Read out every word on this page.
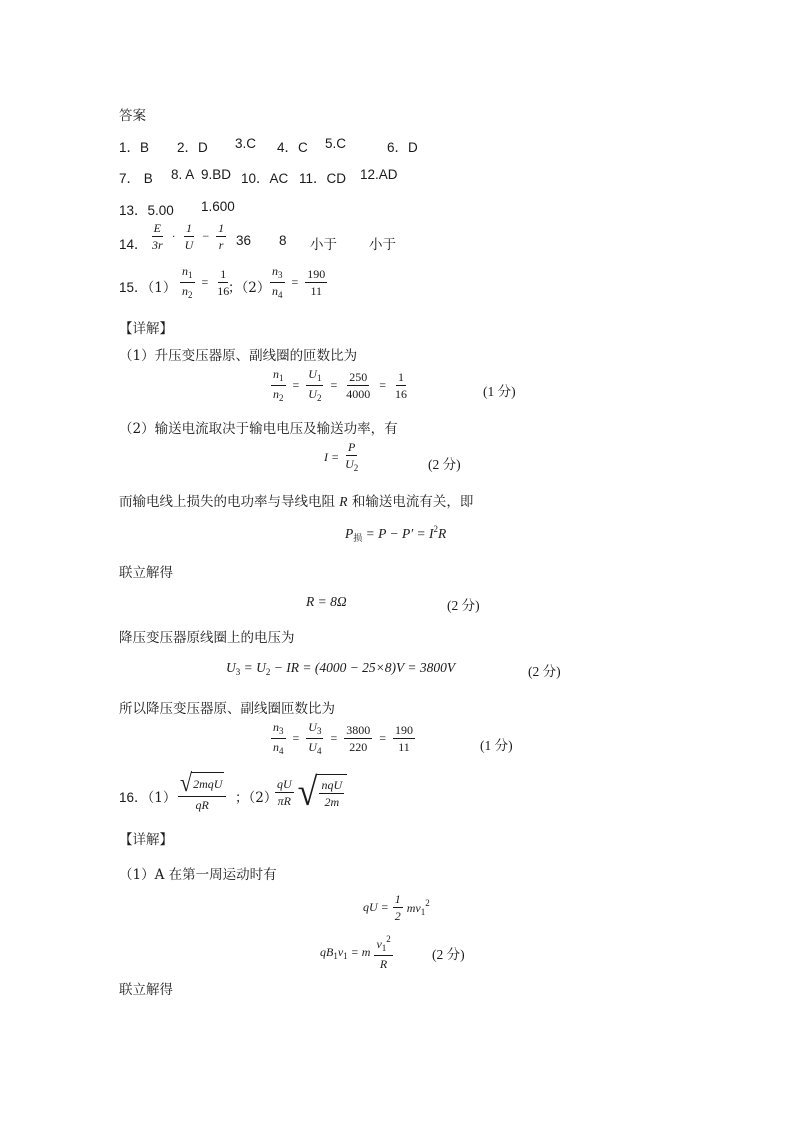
答案
1．B 2．D 3.C 4．C 5.C	6．D
7． B 8. A 9.BD 10．AC 11．CD 12.AD
13．5.00 1.600
14． $\frac{E}{3r} \cdot \frac{1}{U} - \frac{1}{r} 36$ 8 小于 小于
15．$(1) \frac{n_1}{n_2} = \frac{1}{16}$
；$(2) \frac{n_3}{n_4} = \frac{190}{11}$
【详解】
（1）升压变压器原、副线圈的匝数比为
$\frac{n_1}{n_2} = \frac{U_1}{U_2} = \frac{250}{4000} = \frac{1}{16}$	(1 分)
（2）输送电流取决于输电电压及输送功率，有
$I = \frac{P}{U_2}$	(2 分)
而输电线上损失的电功率与导线电阻 R 和输送电流有关，即
$P_损 = P - P' = I^2R$
联立解得
R = 8Ω	(2 分)
降压变压器原线圈上的电压为
$U_3 = U_2$ − IR = (4000 − 25×8)V = 3800V	(2 分)
所以降压变压器原、副线圈匝数比为
$\frac{n_3}{n_4} = \frac{U_3}{U_4} = \frac{3800}{220} = \frac{190}{11}$	(1 分)
16．$(1) \frac{\text{√ 2mqU}}{qR}$ ；（2）
$\frac{qU}{\pi R}$ √ $\frac{\text{nqU}}{2m}$
【详解】
（1）A 在第一周运动时有
qU = $\frac{1}{2} mv_1^2$
$qB_1v_1 = m \frac{v_1^2}{R}$	(2 分)
联立解得
